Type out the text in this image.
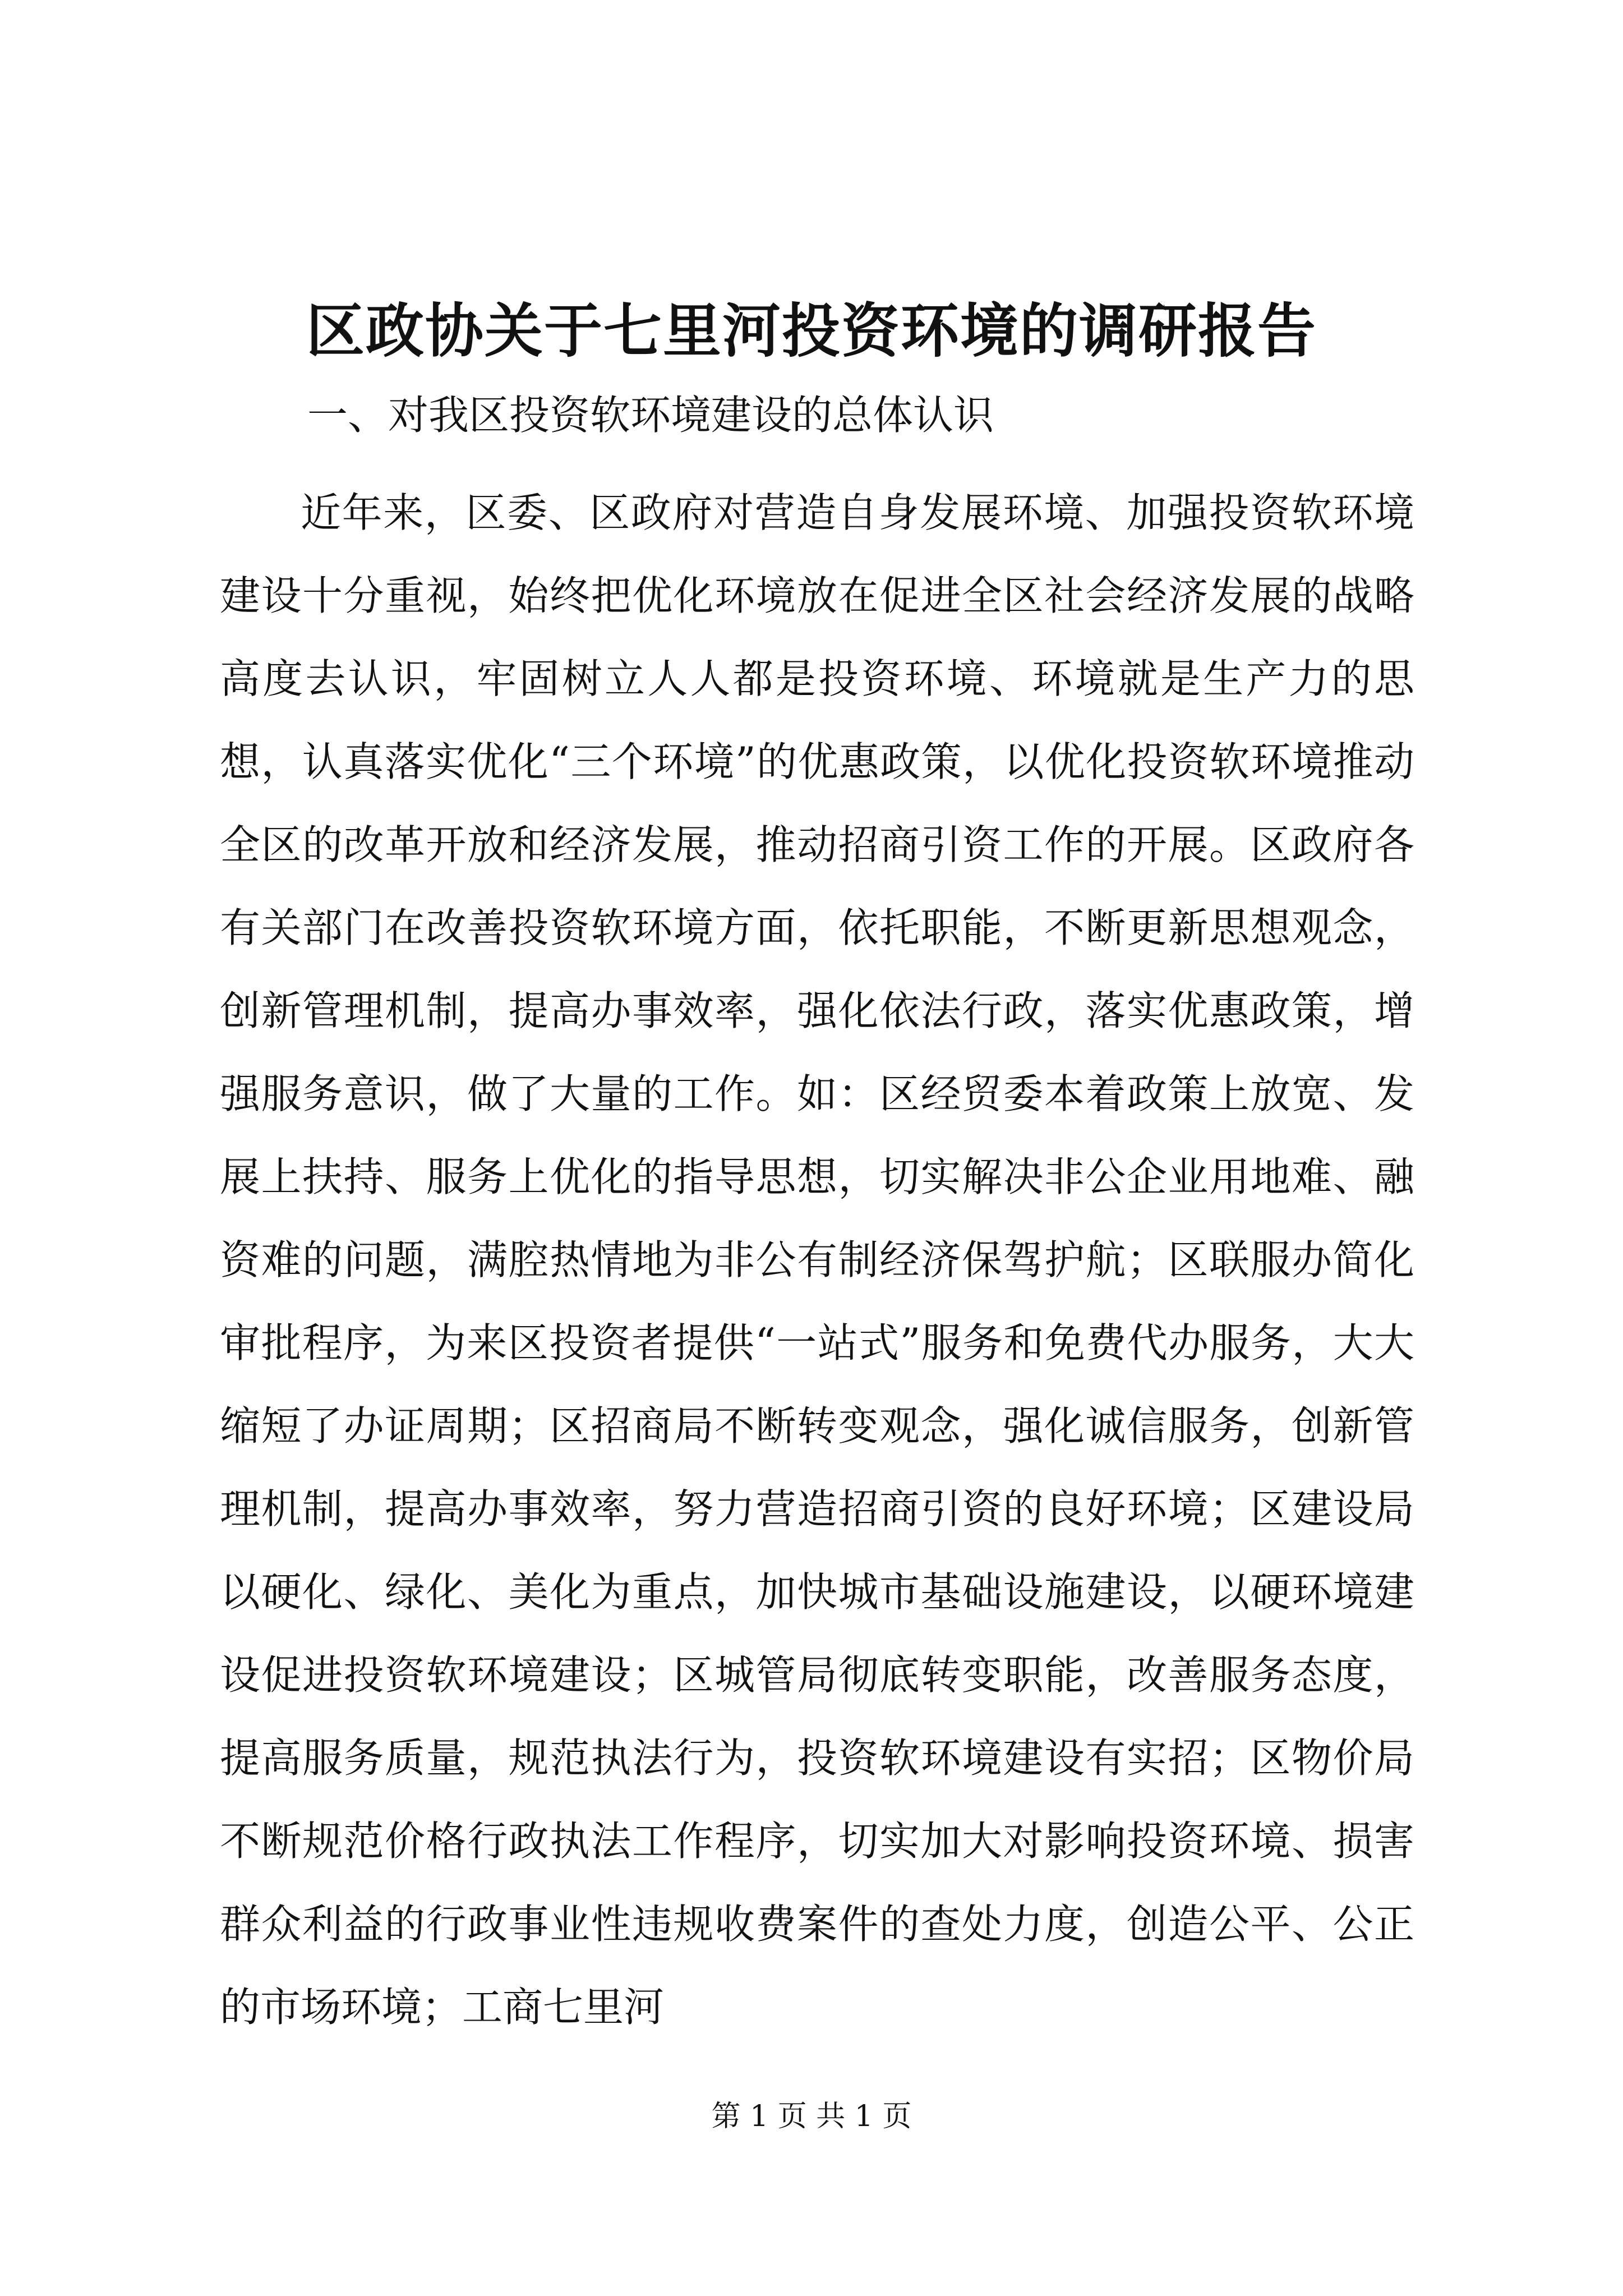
区政协关于七里河投资环境的调研报告
一、对我区投资软环境建设的总体认识

近年来，区委、区政府对营造自身发展环境、加强投资软环境建设十分重视，始终把优化环境放在促进全区社会经济发展的战略高度去认识，牢固树立人人都是投资环境、环境就是生产力的思想，认真落实优化“三个环境”的优惠政策，以优化投资软环境推动全区的改革开放和经济发展，推动招商引资工作的开展。区政府各有关部门在改善投资软环境方面，依托职能，不断更新思想观念，创新管理机制，提高办事效率，强化依法行政，落实优惠政策，增强服务意识，做了大量的工作。如：区经贸委本着政策上放宽、发展上扶持、服务上优化的指导思想，切实解决非公企业用地难、融资难的问题，满腔热情地为非公有制经济保驾护航；区联服办简化审批程序，为来区投资者提供“一站式”服务和免费代办服务，大大缩短了办证周期；区招商局不断转变观念，强化诚信服务，创新管理机制，提高办事效率，努力营造招商引资的良好环境；区建设局以硬化、绿化、美化为重点，加快城市基础设施建设，以硬环境建设促进投资软环境建设；区城管局彻底转变职能，改善服务态度，提高服务质量，规范执法行为，投资软环境建设有实招；区物价局不断规范价格行政执法工作程序，切实加大对影响投资环境、损害群众利益的行政事业性违规收费案件的查处力度，创造公平、公正的市场环境；工商七里河

第 1 页 共 1 页
